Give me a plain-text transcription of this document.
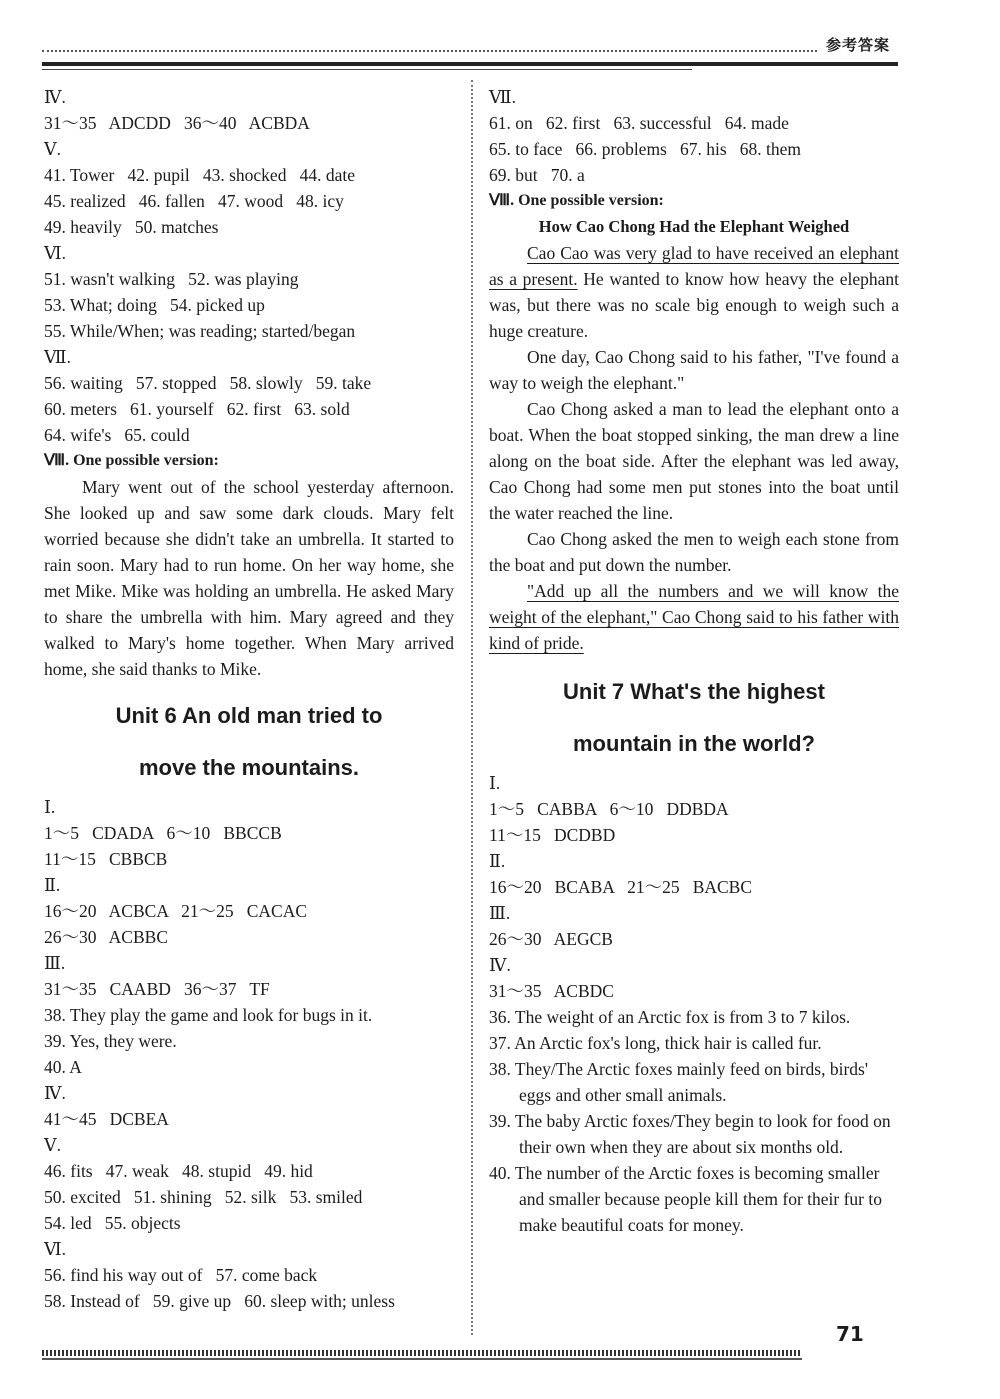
参考答案
Ⅳ.
31～35   ADCDD   36～40   ACBDA
Ⅴ.
41. Tower   42. pupil   43. shocked   44. date
45. realized   46. fallen   47. wood   48. icy
49. heavily   50. matches
Ⅵ.
51. wasn't walking   52. was playing
53. What; doing   54. picked up
55. While/When; was reading; started/began
Ⅶ.
56. waiting   57. stopped   58. slowly   59. take
60. meters   61. yourself   62. first   63. sold
64. wife's   65. could
Ⅷ. One possible version:

Mary went out of the school yesterday afternoon. She looked up and saw some dark clouds. Mary felt worried because she didn't take an umbrella. It started to rain soon. Mary had to run home. On her way home, she met Mike. Mike was holding an umbrella. He asked Mary to share the umbrella with him. Mary agreed and they walked to Mary's home together. When Mary arrived home, she said thanks to Mike.

Unit 6 An old man tried to
move the mountains.
Ⅰ.
1～5   CDADA   6～10   BBCCB
11～15   CBBCB
Ⅱ.
16～20   ACBCA   21～25   CACAC
26～30   ACBBC
Ⅲ.
31～35   CAABD   36～37   TF
38. They play the game and look for bugs in it.
39. Yes, they were.
40. A
Ⅳ.
41～45   DCBEA
Ⅴ.
46. fits   47. weak   48. stupid   49. hid
50. excited   51. shining   52. silk   53. smiled
54. led   55. objects
Ⅵ.
56. find his way out of   57. come back
58. Instead of   59. give up   60. sleep with; unless
Ⅶ.
61. on   62. first   63. successful   64. made
65. to face   66. problems   67. his   68. them
69. but   70. a
Ⅷ. One possible version:
How Cao Chong Had the Elephant Weighed

Cao Cao was very glad to have received an elephant as a present. He wanted to know how heavy the elephant was, but there was no scale big enough to weigh such a huge creature.

One day, Cao Chong said to his father, "I've found a way to weigh the elephant."

Cao Chong asked a man to lead the elephant onto a boat. When the boat stopped sinking, the man drew a line along on the boat side. After the elephant was led away, Cao Chong had some men put stones into the boat until the water reached the line.

Cao Chong asked the men to weigh each stone from the boat and put down the number.

"Add up all the numbers and we will know the weight of the elephant," Cao Chong said to his father with kind of pride.

Unit 7 What's the highest
mountain in the world?
Ⅰ.
1～5   CABBA   6～10   DDBDA
11～15   DCDBD
Ⅱ.
16～20   BCABA   21～25   BACBC
Ⅲ.
26～30   AEGCB
Ⅳ.
31～35   ACBDC
36. The weight of an Arctic fox is from 3 to 7 kilos.
37. An Arctic fox's long, thick hair is called fur.
38. They/The Arctic foxes mainly feed on birds, birds' eggs and other small animals.
39. The baby Arctic foxes/They begin to look for food on their own when they are about six months old.
40. The number of the Arctic foxes is becoming smaller and smaller because people kill them for their fur to make beautiful coats for money.
71
